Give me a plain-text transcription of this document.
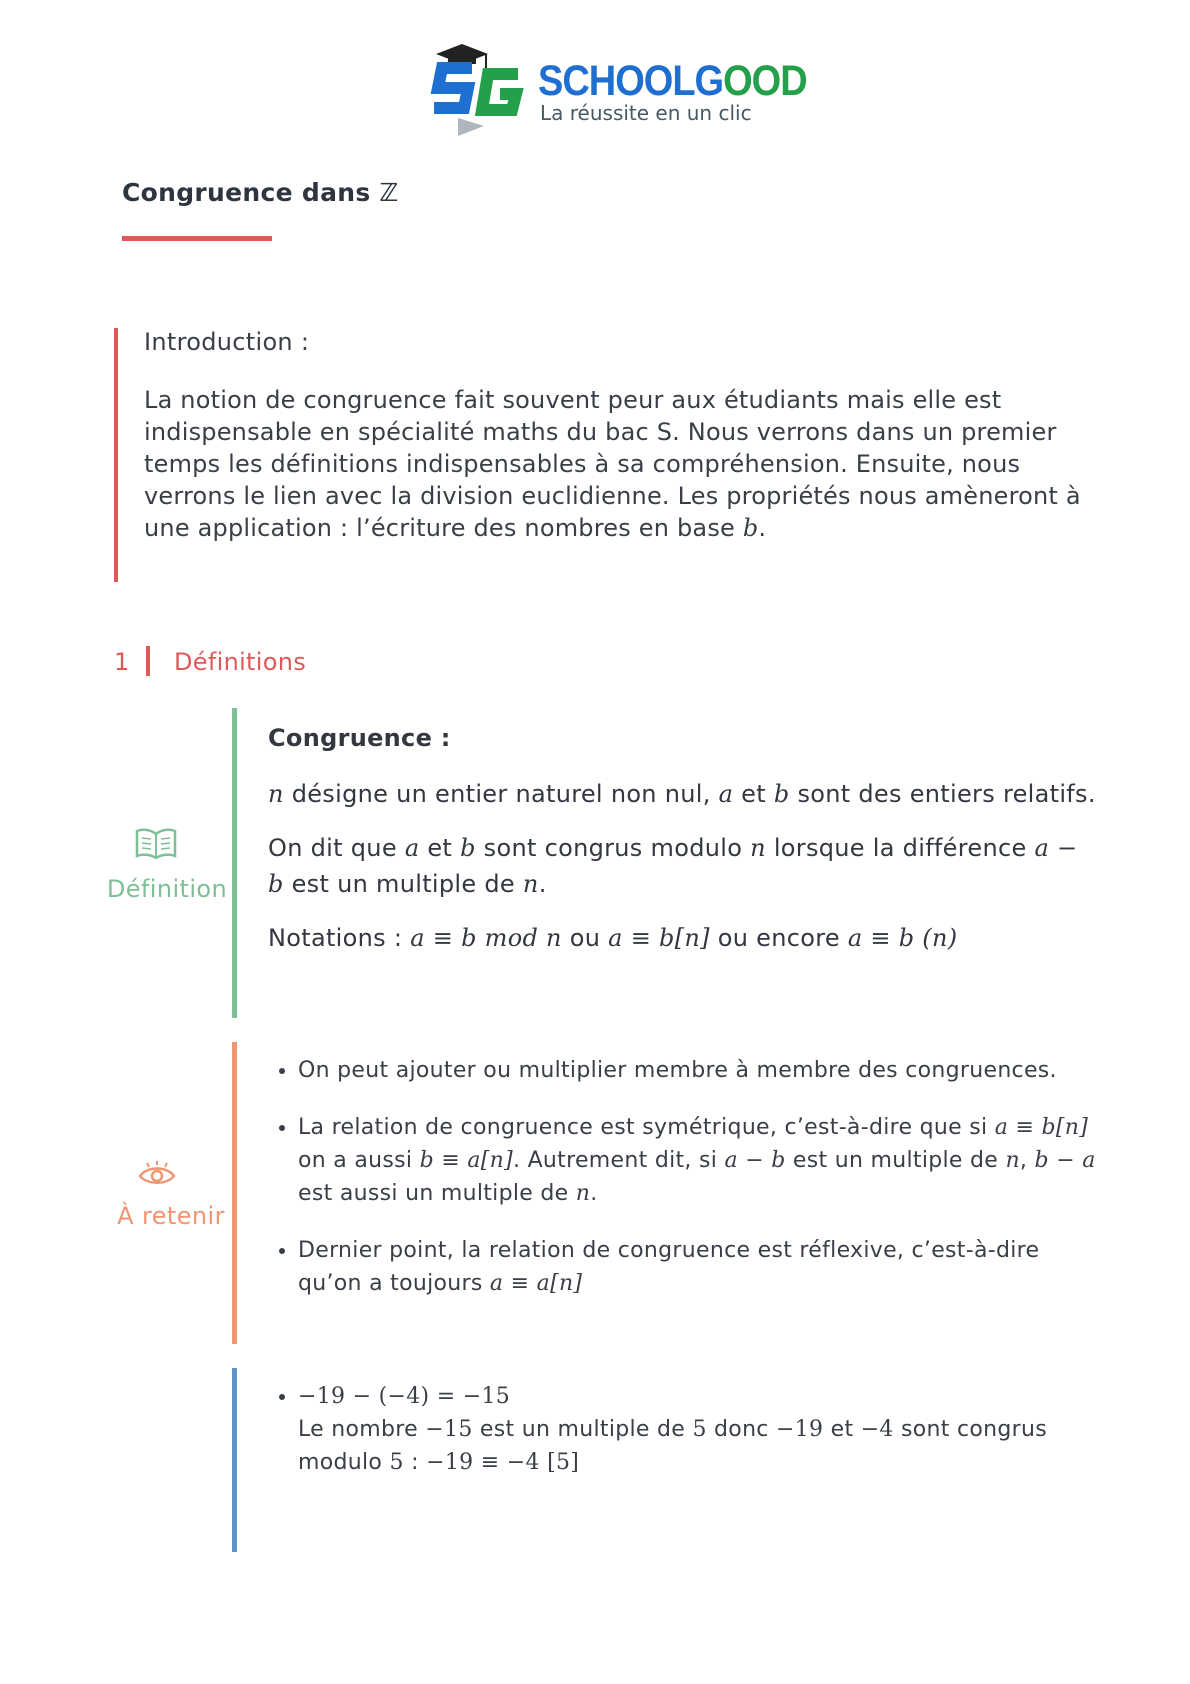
SCHOOLGOOD
La réussite en un clic
Congruence dans ℤ
Introduction :
La notion de congruence fait souvent peur aux étudiants mais elle est indispensable en spécialité maths du bac S. Nous verrons dans un premier temps les définitions indispensables à sa compréhension. Ensuite, nous verrons le lien avec la division euclidienne. Les propriétés nous amèneront à une application : l’écriture des nombres en base b.
1 Définitions
Définition
Congruence :

n désigne un entier naturel non nul, a et b sont des entiers relatifs.

On dit que a et b sont congrus modulo n lorsque la différence a − b est un multiple de n.

Notations : a ≡ b mod n ou a ≡ b[n] ou encore a ≡ b (n)

À retenir
• On peut ajouter ou multiplier membre à membre des congruences.
• La relation de congruence est symétrique, c’est-à-dire que si a ≡ b[n] on a aussi b ≡ a[n]. Autrement dit, si a − b est un multiple de n, b − a est aussi un multiple de n.
• Dernier point, la relation de congruence est réflexive, c’est-à-dire qu’on a toujours a ≡ a[n]
• −19 − (−4) = −15
Le nombre −15 est un multiple de 5 donc −19 et −4 sont congrus modulo 5 : −19 ≡ −4 [5]
